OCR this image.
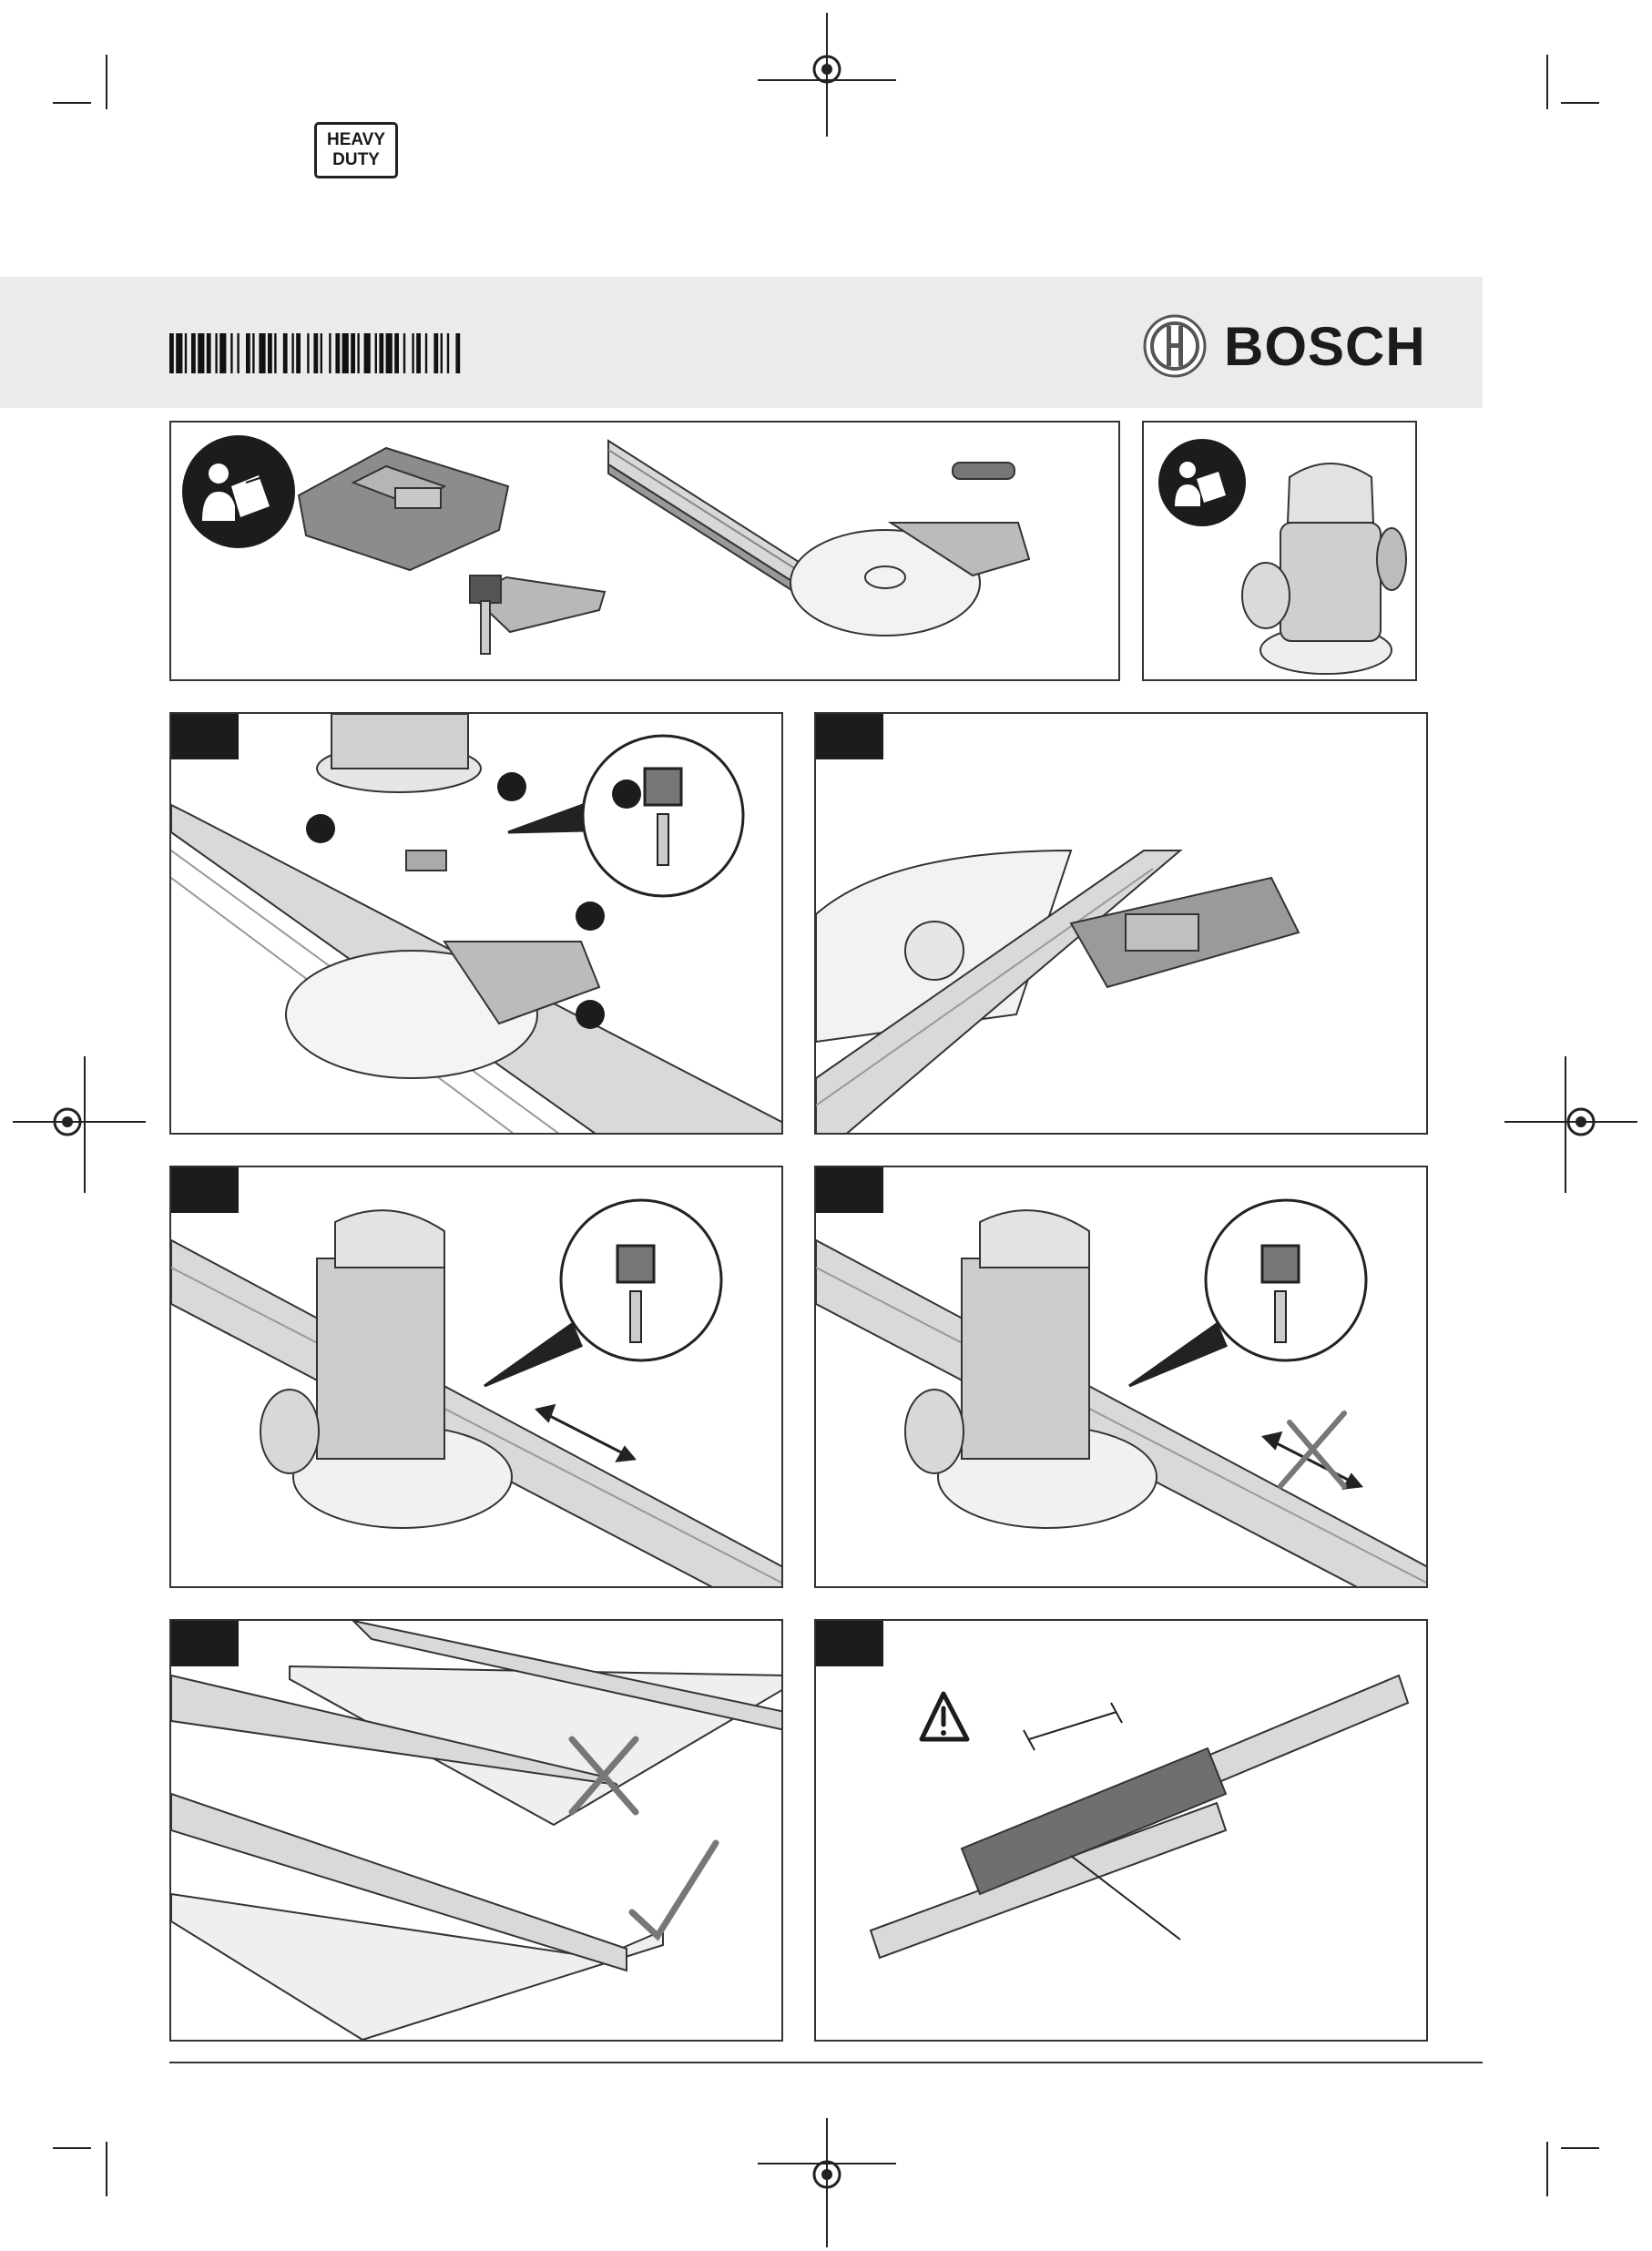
HEAVY
DUTY
BOSCH
